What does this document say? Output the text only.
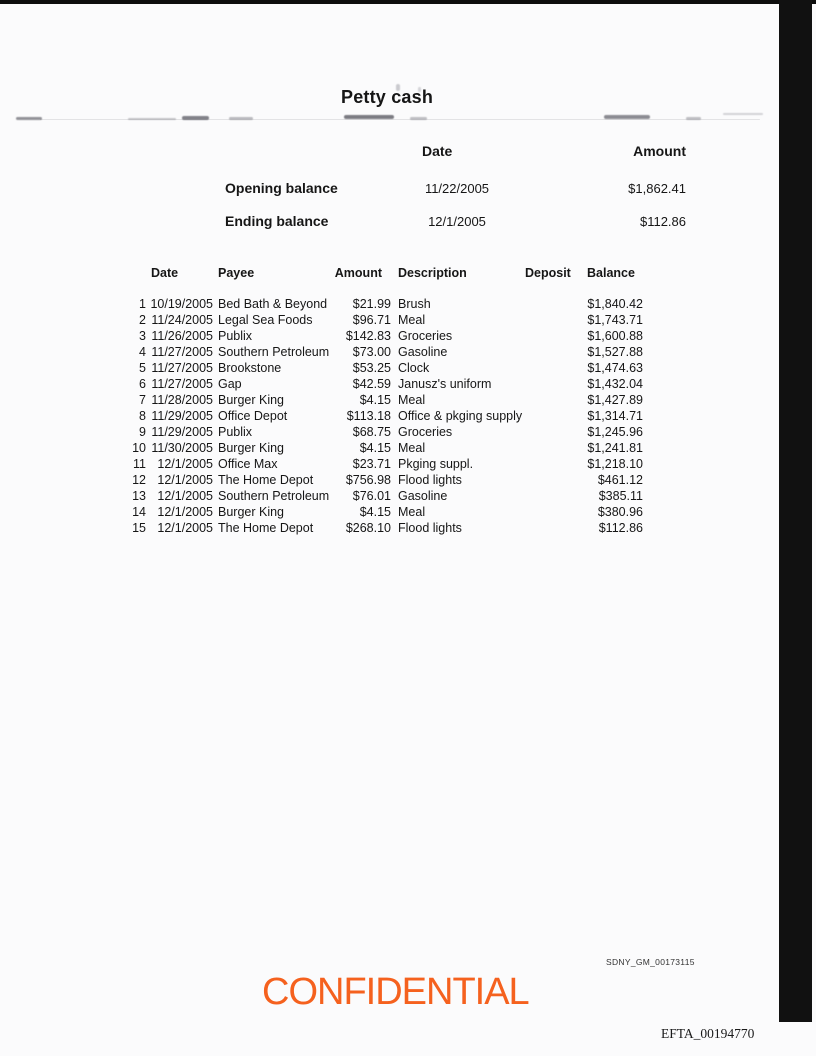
Petty cash
Date	Amount
Opening balance	11/22/2005	$1,862.41
Ending balance	12/1/2005	$112.86
Date	Payee	Amount	Description	Deposit	Balance
1 10/19/2005 Bed Bath & Beyond	$21.99 Brush	$1,840.42
2 11/24/2005 Legal Sea Foods	$96.71 Meal	$1,743.71
3 11/26/2005 Publix	$142.83 Groceries	$1,600.88
4 11/27/2005 Southern Petroleum	$73.00 Gasoline	$1,527.88
5 11/27/2005 Brookstone	$53.25 Clock	$1,474.63
6 11/27/2005 Gap	$42.59 Janusz's uniform	$1,432.04
7 11/28/2005 Burger King	$4.15 Meal	$1,427.89
8 11/29/2005 Office Depot	$113.18 Office & pkging supply	$1,314.71
9 11/29/2005 Publix	$68.75 Groceries	$1,245.96
10 11/30/2005 Burger King	$4.15 Meal	$1,241.81
11 12/1/2005 Office Max	$23.71 Pkging suppl.	$1,218.10
12 12/1/2005 The Home Depot	$756.98 Flood lights	$461.12
13 12/1/2005 Southern Petroleum	$76.01 Gasoline	$385.11
14 12/1/2005 Burger King	$4.15 Meal	$380.96
15 12/1/2005 The Home Depot	$268.10 Flood lights	$112.86
SDNY_GM_00173115
CONFIDENTIAL
EFTA_00194770
